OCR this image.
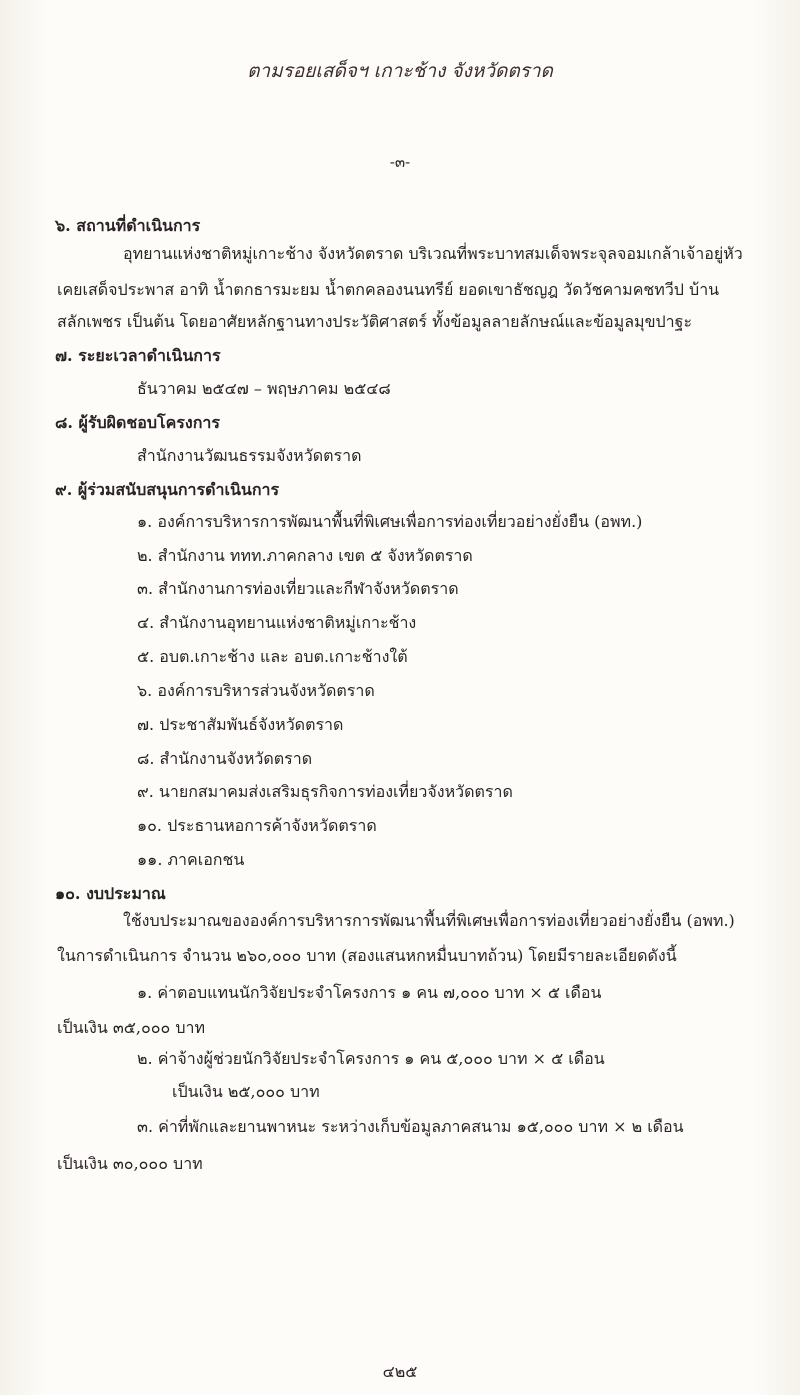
ตามรอยเสด็จฯ เกาะช้าง จังหวัดตราด
-๓-
๖. สถานที่ดำเนินการ
อุทยานแห่งชาติหมู่เกาะช้าง จังหวัดตราด บริเวณที่พระบาทสมเด็จพระจุลจอมเกล้าเจ้าอยู่หัว
เคยเสด็จประพาส อาทิ น้ำตกธารมะยม น้ำตกคลองนนทรีย์ ยอดเขาธัชญฎ วัดวัชคามคชทวีป บ้าน
สลักเพชร เป็นต้น โดยอาศัยหลักฐานทางประวัติศาสตร์ ทั้งข้อมูลลายลักษณ์และข้อมูลมุขปาฐะ
๗. ระยะเวลาดำเนินการ
ธันวาคม ๒๕๔๗ – พฤษภาคม ๒๕๔๘
๘. ผู้รับผิดชอบโครงการ
สำนักงานวัฒนธรรมจังหวัดตราด
๙. ผู้ร่วมสนับสนุนการดำเนินการ
๑. องค์การบริหารการพัฒนาพื้นที่พิเศษเพื่อการท่องเที่ยวอย่างยั่งยืน (อพท.)
๒. สำนักงาน ททท.ภาคกลาง เขต ๕ จังหวัดตราด
๓. สำนักงานการท่องเที่ยวและกีฬาจังหวัดตราด
๔. สำนักงานอุทยานแห่งชาติหมู่เกาะช้าง
๕. อบต.เกาะช้าง และ อบต.เกาะช้างใต้
๖. องค์การบริหารส่วนจังหวัดตราด
๗. ประชาสัมพันธ์จังหวัดตราด
๘. สำนักงานจังหวัดตราด
๙. นายกสมาคมส่งเสริมธุรกิจการท่องเที่ยวจังหวัดตราด
๑๐. ประธานหอการค้าจังหวัดตราด
๑๑. ภาคเอกชน
๑๐. งบประมาณ
ใช้งบประมาณขององค์การบริหารการพัฒนาพื้นที่พิเศษเพื่อการท่องเที่ยวอย่างยั่งยืน (อพท.)
ในการดำเนินการ จำนวน ๒๖๐,๐๐๐ บาท (สองแสนหกหมื่นบาทถ้วน) โดยมีรายละเอียดดังนี้
๑. ค่าตอบแทนนักวิจัยประจำโครงการ ๑ คน ๗,๐๐๐ บาท × ๕ เดือน
เป็นเงิน ๓๕,๐๐๐ บาท
๒. ค่าจ้างผู้ช่วยนักวิจัยประจำโครงการ ๑ คน ๕,๐๐๐ บาท × ๕ เดือน
เป็นเงิน ๒๕,๐๐๐ บาท
๓. ค่าที่พักและยานพาหนะ ระหว่างเก็บข้อมูลภาคสนาม ๑๕,๐๐๐ บาท × ๒ เดือน
เป็นเงิน ๓๐,๐๐๐ บาท
๔๒๕
